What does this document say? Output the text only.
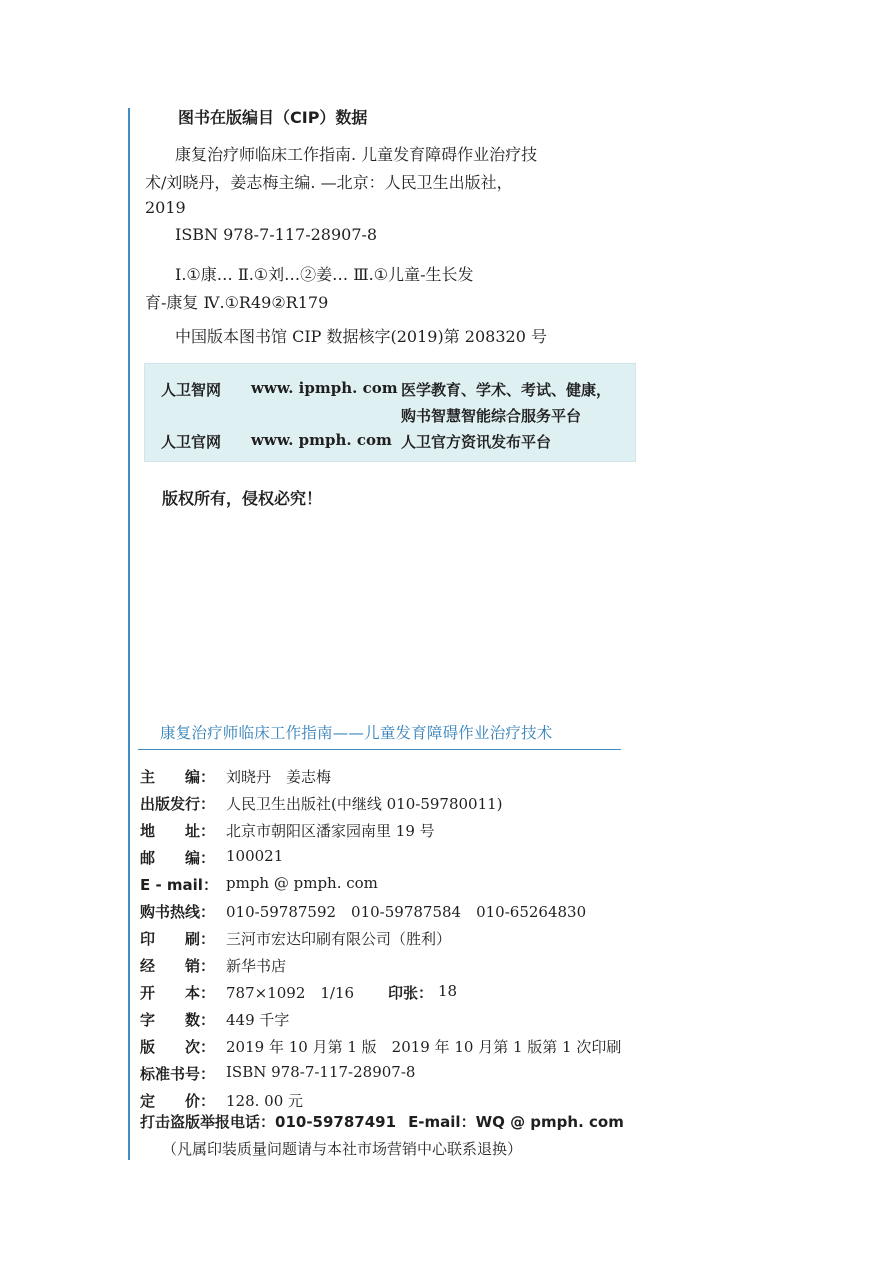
图书在版编目（CIP）数据
康复治疗师临床工作指南. 儿童发育障碍作业治疗技
术/刘晓丹，姜志梅主编. —北京：人民卫生出版社，
2019
ISBN 978-7-117-28907-8
Ⅰ.①康… Ⅱ.①刘…②姜… Ⅲ.①儿童-生长发
育-康复 Ⅳ.①R49②R179
中国版本图书馆 CIP 数据核字(2019)第 208320 号
人卫智网 www. ipmph. com 医学教育、学术、考试、健康，
购书智慧智能综合服务平台
人卫官网 www. pmph. com 人卫官方资讯发布平台
版权所有，侵权必究！
康复治疗师临床工作指南——儿童发育障碍作业治疗技术
主　　编： 刘晓丹　姜志梅
出版发行： 人民卫生出版社(中继线 010-59780011)
地　　址： 北京市朝阳区潘家园南里 19 号
邮　　编： 100021
E - mail： pmph @ pmph. com
购书热线： 010-59787592　010-59787584　010-65264830
印　　刷： 三河市宏达印刷有限公司（胜利）
经　　销： 新华书店
开　　本： 787×1092　1/16 印张： 18
字　　数： 449 千字
版　　次： 2019 年 10 月第 1 版　2019 年 10 月第 1 版第 1 次印刷
标准书号： ISBN 978-7-117-28907-8
定　　价： 128. 00 元
打击盗版举报电话：010-59787491 E-mail：WQ @ pmph. com
（凡属印装质量问题请与本社市场营销中心联系退换）
